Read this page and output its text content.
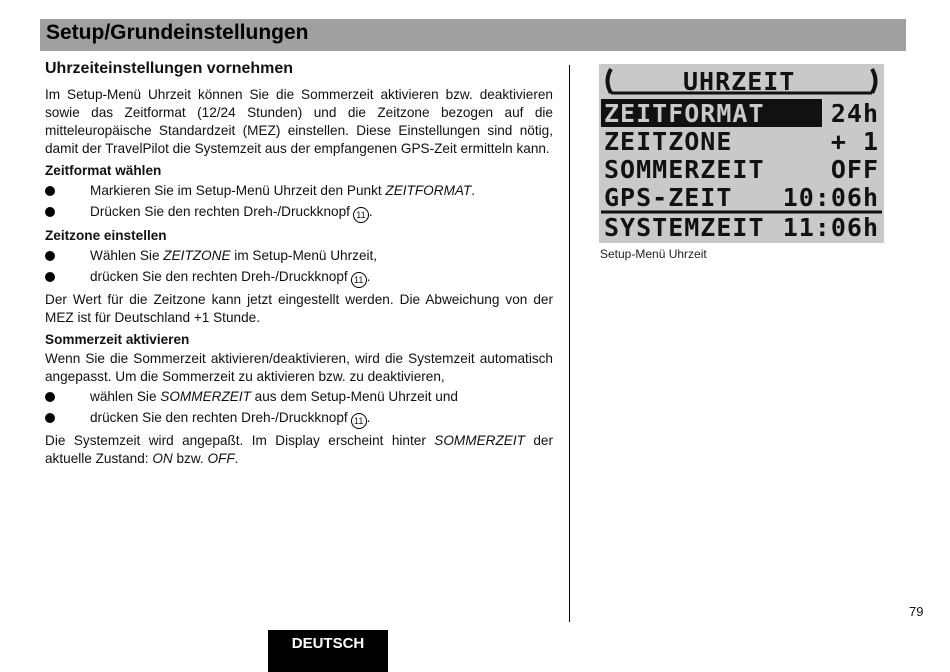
Setup/Grundeinstellungen
Uhrzeiteinstellungen vornehmen

Im Setup-Menü Uhrzeit können Sie die Sommerzeit aktivieren bzw. deaktivieren sowie das Zeitformat (12/24 Stunden) und die Zeitzone bezogen auf die mitteleuropäische Standardzeit (MEZ) einstellen. Diese Einstellungen sind nötig, damit der TravelPilot die Systemzeit aus der empfangenen GPS-Zeit ermitteln kann.

Zeitformat wählen
Markieren Sie im Setup-Menü Uhrzeit den Punkt ZEITFORMAT.
Drücken Sie den rechten Dreh-/Druckknopf 11 .
Zeitzone einstellen
Wählen Sie ZEITZONE im Setup-Menü Uhrzeit,
drücken Sie den rechten Dreh-/Druckknopf 11 .

Der Wert für die Zeitzone kann jetzt eingestellt werden. Die Abweichung von der MEZ ist für Deutschland +1 Stunde.

Sommerzeit aktivieren

Wenn Sie die Sommerzeit aktivieren/deaktivieren, wird die Systemzeit automatisch angepasst. Um die Sommerzeit zu aktivieren bzw. zu deaktivieren,

wählen Sie SOMMERZEIT aus dem Setup-Menü Uhrzeit und
drücken Sie den rechten Dreh-/Druckknopf 11 .

Die Systemzeit wird angepaßt. Im Display erscheint hinter SOMMERZEIT der aktuelle Zustand: ON bzw. OFF.

UHRZEIT
ZEITFORMAT	24h
ZEITZONE	+ 1
SOMMERZEIT	OFF
GPS-ZEIT 10:06h
SYSTEMZEIT 11:06h
Setup-Menü Uhrzeit
79
DEUTSCH
